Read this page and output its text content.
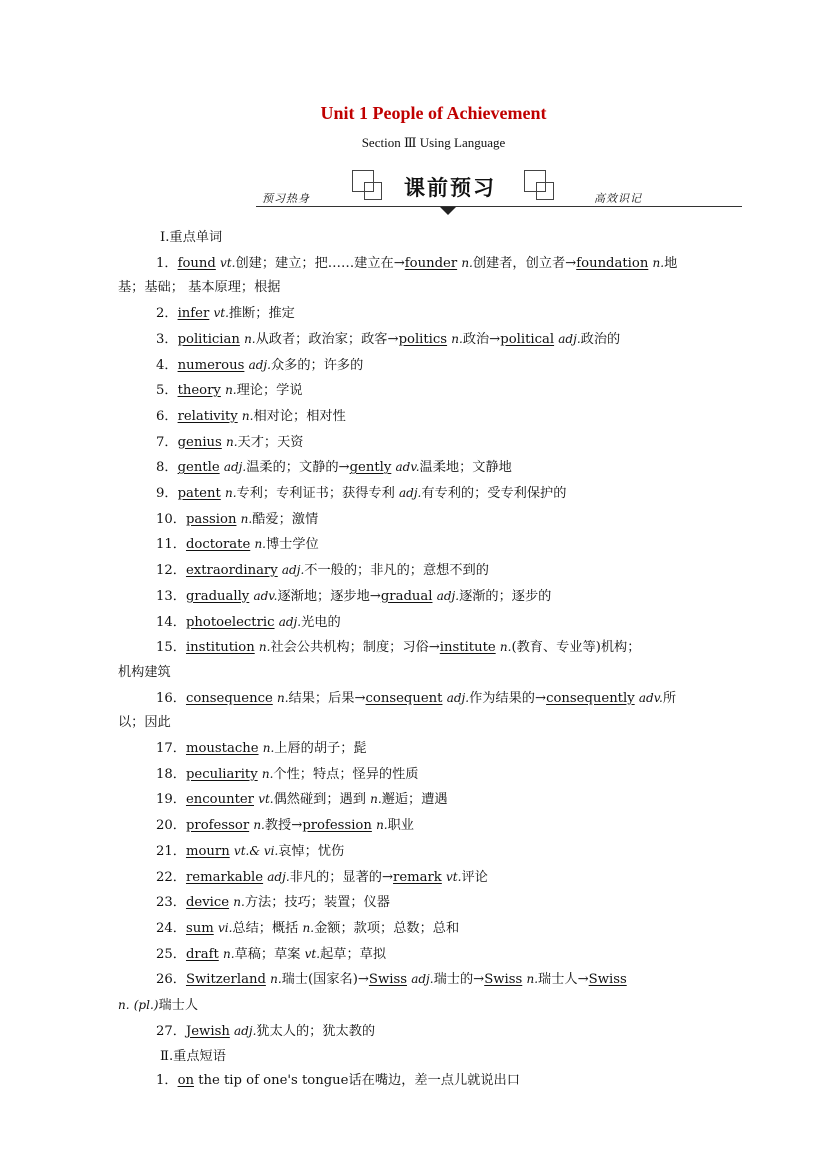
Unit 1 People of Achievement
Section Ⅲ Using Language
预习热身	课前预习	高效识记
Ⅰ.重点单词
1．found vt.创建；建立；把……建立在→founder n.创建者，创立者→foundation n.地
基；基础； 基本原理；根据
2．infer vt.推断；推定
3．politician n.从政者；政治家；政客→politics n.政治→political adj.政治的
4．numerous adj.众多的；许多的
5．theory n.理论；学说
6．relativity n.相对论；相对性
7．genius n.天才；天资
8．gentle adj.温柔的；文静的→gently adv.温柔地；文静地
9．patent n.专利；专利证书；获得专利 adj.有专利的；受专利保护的
10．passion n.酷爱；激情
11．doctorate n.博士学位
12．extraordinary adj.不一般的；非凡的；意想不到的
13．gradually adv.逐渐地；逐步地→gradual adj.逐渐的；逐步的
14．photoelectric adj.光电的
15．institution n.社会公共机构；制度；习俗→institute n.(教育、专业等)机构；
机构建筑
16．consequence n.结果；后果→consequent adj.作为结果的→consequently adv.所
以；因此
17．moustache n.上唇的胡子；髭
18．peculiarity n.个性；特点；怪异的性质
19．encounter vt.偶然碰到；遇到 n.邂逅；遭遇
20．professor n.教授→profession n.职业
21．mourn vt.& vi.哀悼；忧伤
22．remarkable adj.非凡的；显著的→remark vt.评论
23．device n.方法；技巧；装置；仪器
24．sum vi.总结；概括 n.金额；款项；总数；总和
25．draft n.草稿；草案 vt.起草；草拟
26．Switzerland n.瑞士(国家名)→Swiss adj.瑞士的→Swiss n.瑞士人→Swiss
n. (pl.)瑞士人
27．Jewish adj.犹太人的；犹太教的
Ⅱ.重点短语
1．on the tip of one's tongue话在嘴边，差一点儿就说出口
